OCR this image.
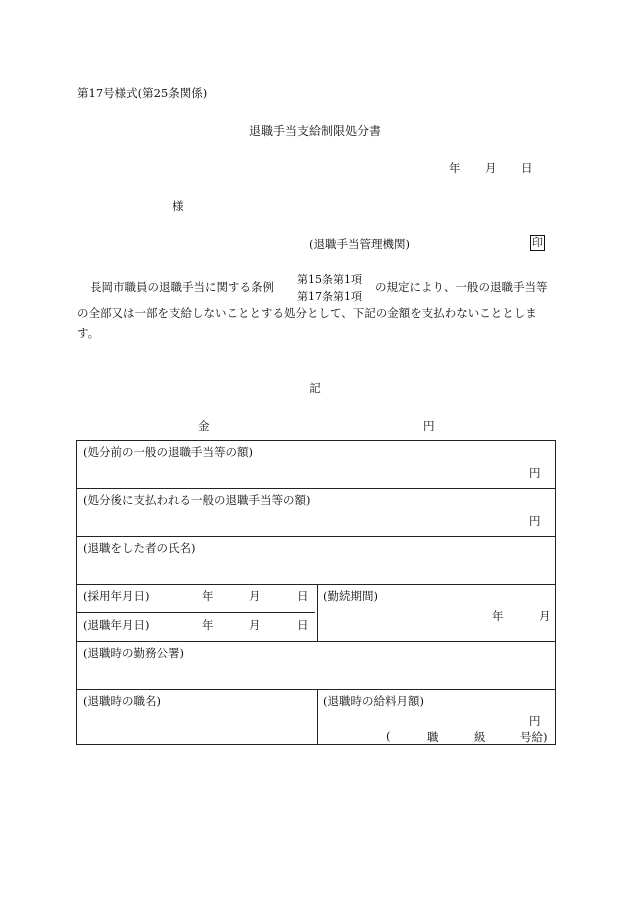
第17号様式(第25条関係)
退職手当支給制限処分書
年 月 日
様
(退職手当管理機関)	印
長岡市職員の退職手当に関する条例
第15条第1項
第17条第1項
の規定により、一般の退職手当等
の全部又は一部を支給しないこととする処分として、下記の金額を支払わないこととしま
す。
記
金	円
(処分前の一般の退職手当等の額)
円
(処分後に支払われる一般の退職手当等の額)
円
(退職をした者の氏名)
(採用年月日)	年	月	日
(退職年月日)	年	月	日
(勤続期間)
年	月
(退職時の勤務公署)
(退職時の職名)	(退職時の給料月額)
円
(	職	級	号給)
